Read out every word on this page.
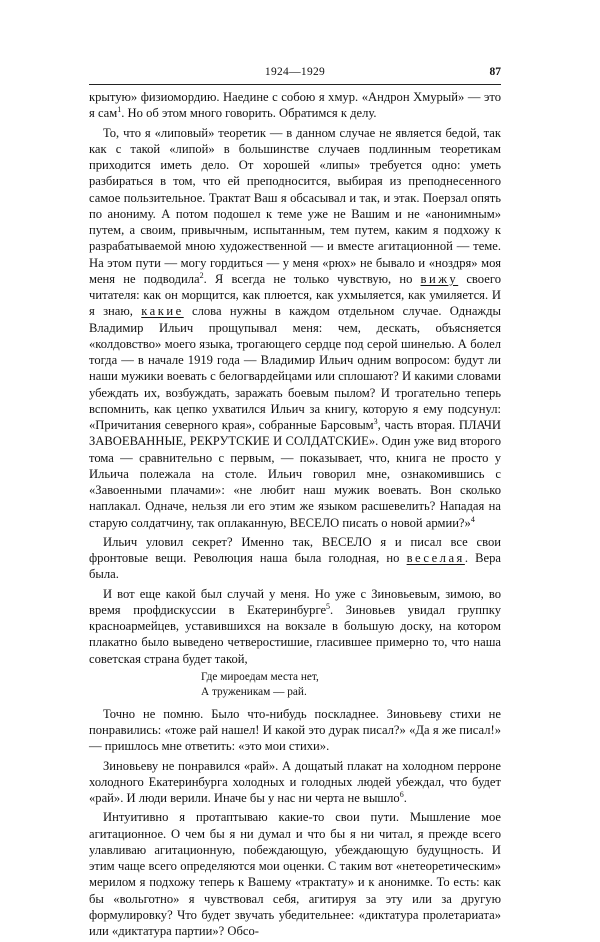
1924—1929	87

крытую» физиомордию. Наедине с собою я хмур. «Андрон Хмурый» — это я сам$^1$. Но об этом много говорить. Обратимся к делу.

То, что я «липовый» теоретик — в данном случае не является бедой, так как с такой «липой» в большинстве случаев подлинным теоретикам приходится иметь дело. От хорошей «липы» требуется одно: уметь разбираться в том, что ей преподносится, выбирая из преподнесенного самое пользительное. Трактат Ваш я обсасывал и так, и этак. Поерзал опять по анониму. А потом подошел к теме уже не Вашим и не «анонимным» путем, а своим, привычным, испытанным, тем путем, каким я подхожу к разрабатываемой мною художественной — и вместе агитационной — теме. На этом пути — могу гордиться — у меня «рюх» не бывало и «ноздря» моя меня не подводила$^2$. Я всегда не только чувствую, но вижу своего читателя: как он морщится, как плюется, как ухмыляется, как умиляется. И я знаю, какие слова нужны в каждом отдельном случае. Однажды Владимир Ильич прощупывал меня: чем, дескать, объясняется «колдовство» моего языка, трогающего сердце под серой шинелью. А болел тогда — в начале 1919 года — Владимир Ильич одним вопросом: будут ли наши мужики воевать с белогвардейцами или сплошают? И какими словами убеждать их, возбуждать, заражать боевым пылом? И трогательно теперь вспомнить, как цепко ухватился Ильич за книгу, которую я ему подсунул: «Причитания северного края», собранные Барсовым$^3$, часть вторая. ПЛАЧИ ЗАВОЕВАННЫЕ, РЕКРУТСКИЕ И СОЛДАТСКИЕ». Один уже вид второго тома — сравнительно с первым, — показывает, что, книга не просто у Ильича полежала на столе. Ильич говорил мне, ознакомившись с «Завоенными плачами»: «не любит наш мужик воевать. Вон сколько наплакал. Одначе, нельзя ли его этим же языком расшевелить? Нападая на старую солдатчину, так оплаканную, ВЕСЕЛО писать о новой армии?»$^4$

Ильич уловил секрет? Именно так, ВЕСЕЛО я и писал все свои фронтовые вещи. Революция наша была голодная, но веселая. Вера была.

И вот еще какой был случай у меня. Но уже с Зиновьевым, зимою, во время профдискуссии в Екатеринбурге$^5$. Зиновьев увидал группку красноармейцев, уставившихся на вокзале в большую доску, на котором плакатно было выведено четверостишие, гласившее примерно то, что наша советская страна будет такой,

Где мироедам места нет,
А труженикам — рай.

Точно не помню. Было что-нибудь поскладнее. Зиновьеву стихи не понравились: «тоже рай нашел! И какой это дурак писал?» «Да я же писал!» — пришлось мне ответить: «это мои стихи».

Зиновьеву не понравился «рай». А дощатый плакат на холодном перроне холодного Екатеринбурга холодных и голодных людей убеждал, что будет «рай». И люди верили. Иначе бы у нас ни черта не вышло$^6$.

Интуитивно я протаптываю какие-то свои пути. Мышление мое агитационное. О чем бы я ни думал и что бы я ни читал, я прежде всего улавливаю агитационную, побеждающую, убеждающую будущность. И этим чаще всего определяются мои оценки. С таким вот «нетеоретическим» мерилом я подхожу теперь к Вашему «трактату» и к анонимке. То есть: как бы «вольготно» я чувствовал себя, агитируя за эту или за другую формулировку? Что будет звучать убедительнее: «диктатура пролетариата» или «диктатура партии»? Обсо-
